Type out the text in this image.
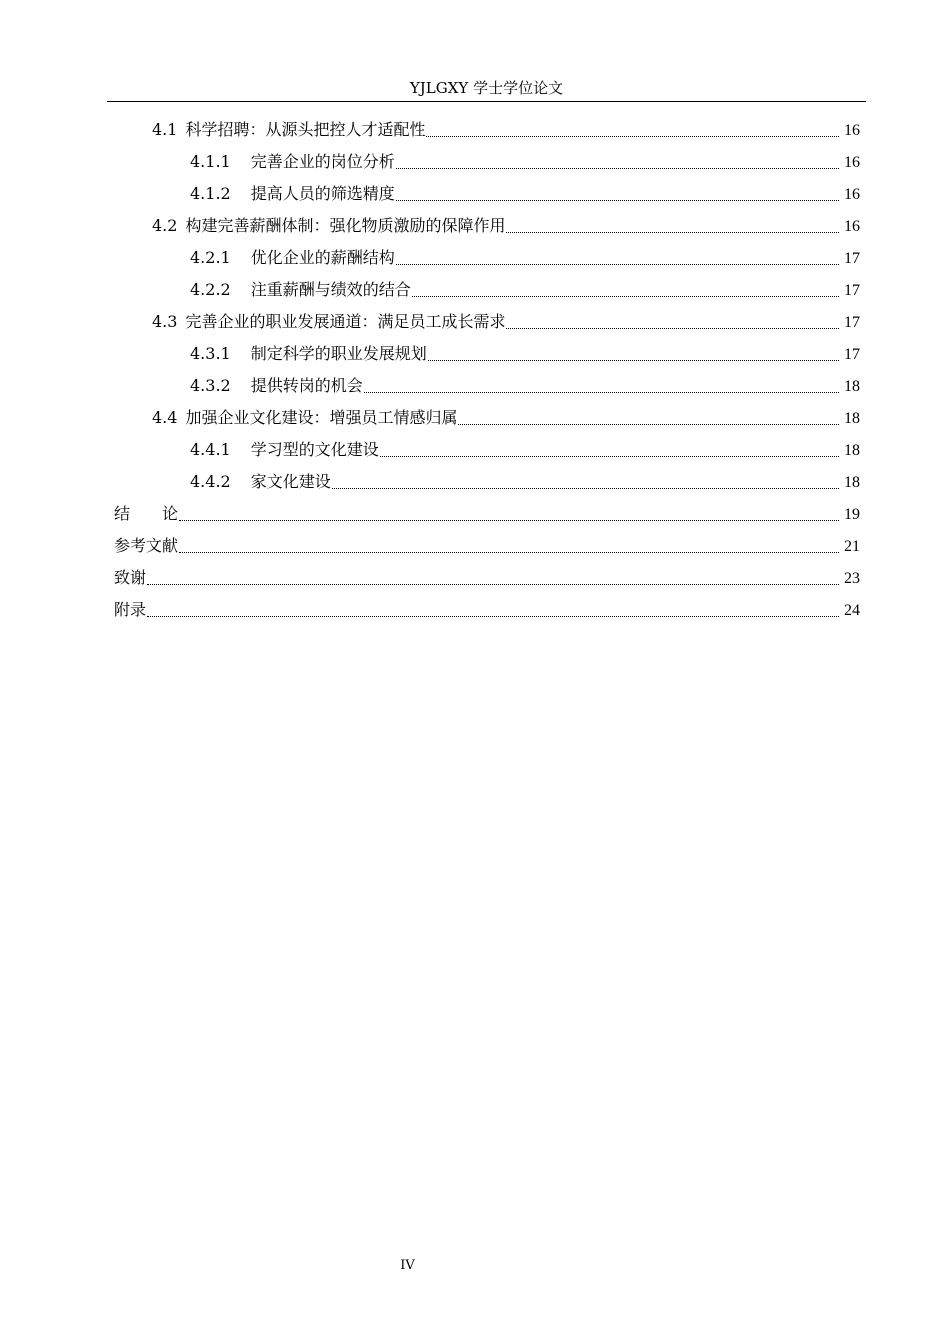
YJLGXY 学士学位论文
4.1 科学招聘：从源头把控人才适配性	16
4.1.1 完善企业的岗位分析	16
4.1.2 提高人员的筛选精度	16
4.2 构建完善薪酬体制：强化物质激励的保障作用	16
4.2.1 优化企业的薪酬结构	17
4.2.2 注重薪酬与绩效的结合	17
4.3 完善企业的职业发展通道：满足员工成长需求	17
4.3.1 制定科学的职业发展规划	17
4.3.2 提供转岗的机会	18
4.4 加强企业文化建设：增强员工情感归属	18
4.4.1 学习型的文化建设	18
4.4.2 家文化建设	18
结　　论	19
参考文献	21
致谢	23
附录	24
IV
